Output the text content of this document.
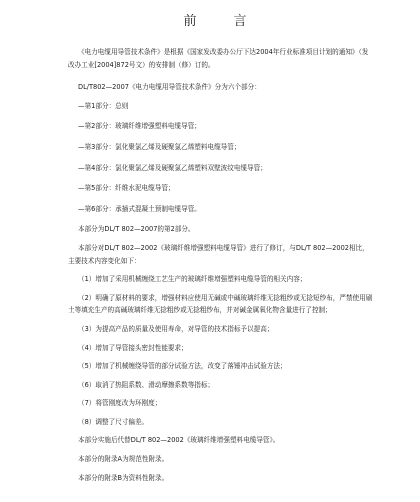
前　言

《电力电缆用导管技术条件》是根据《国家发改委办公厅下达2004年行业标准项目计划的通知》（发改办工业[2004]872号文）的安排制（修）订的。

DL/T802—2007《电力电缆用导管技术条件》分为六个部分：

—第1部分：总则

—第2部分：玻璃纤维增强塑料电缆导管；

—第3部分：氯化聚氯乙烯及硬聚氯乙烯塑料电缆导管；

—第4部分：氯化聚氯乙烯及硬聚氯乙烯塑料双壁波纹电缆导管；

—第5部分：纤维水泥电缆导管；

—第6部分：承插式混凝土预制电缆导管。

本部分为DL/T 802—2007的第2部分。

本部分对DL/T 802—2002《玻璃纤维增强塑料电缆导管》进行了修订，与DL/T 802—2002相比，主要技术内容变化如下：

（1）增加了采用机械缠绕工艺生产的玻璃纤维增强塑料电缆导管的相关内容；

（2）明确了原材料的要求，增强材料应使用无碱或中碱玻璃纤维无捻粗纱或无捻短纱布，严禁使用刷土等填充生产的高碱玻璃纤维无捻粗纱或无捻粗纱布，并对碱金属氧化物含量进行了控制；

（3）为提高产品的质量及使用寿命，对导管的技术指标予以提高；

（4）增加了导管接头密封性能要求；

（5）增加了机械缠绕导管的部分试验方法，改变了落锤冲击试验方法；

（6）取消了热阻系数、滑动摩擦系数等指标；

（7）将管刚度改为环刚度；

（8）调整了尺寸偏差。

本部分实施后代替DL/T 802—2002《玻璃纤维增强塑料电缆导管》。

本部分的附录A为规范性附录。

本部分的附录B为资料性附录。
